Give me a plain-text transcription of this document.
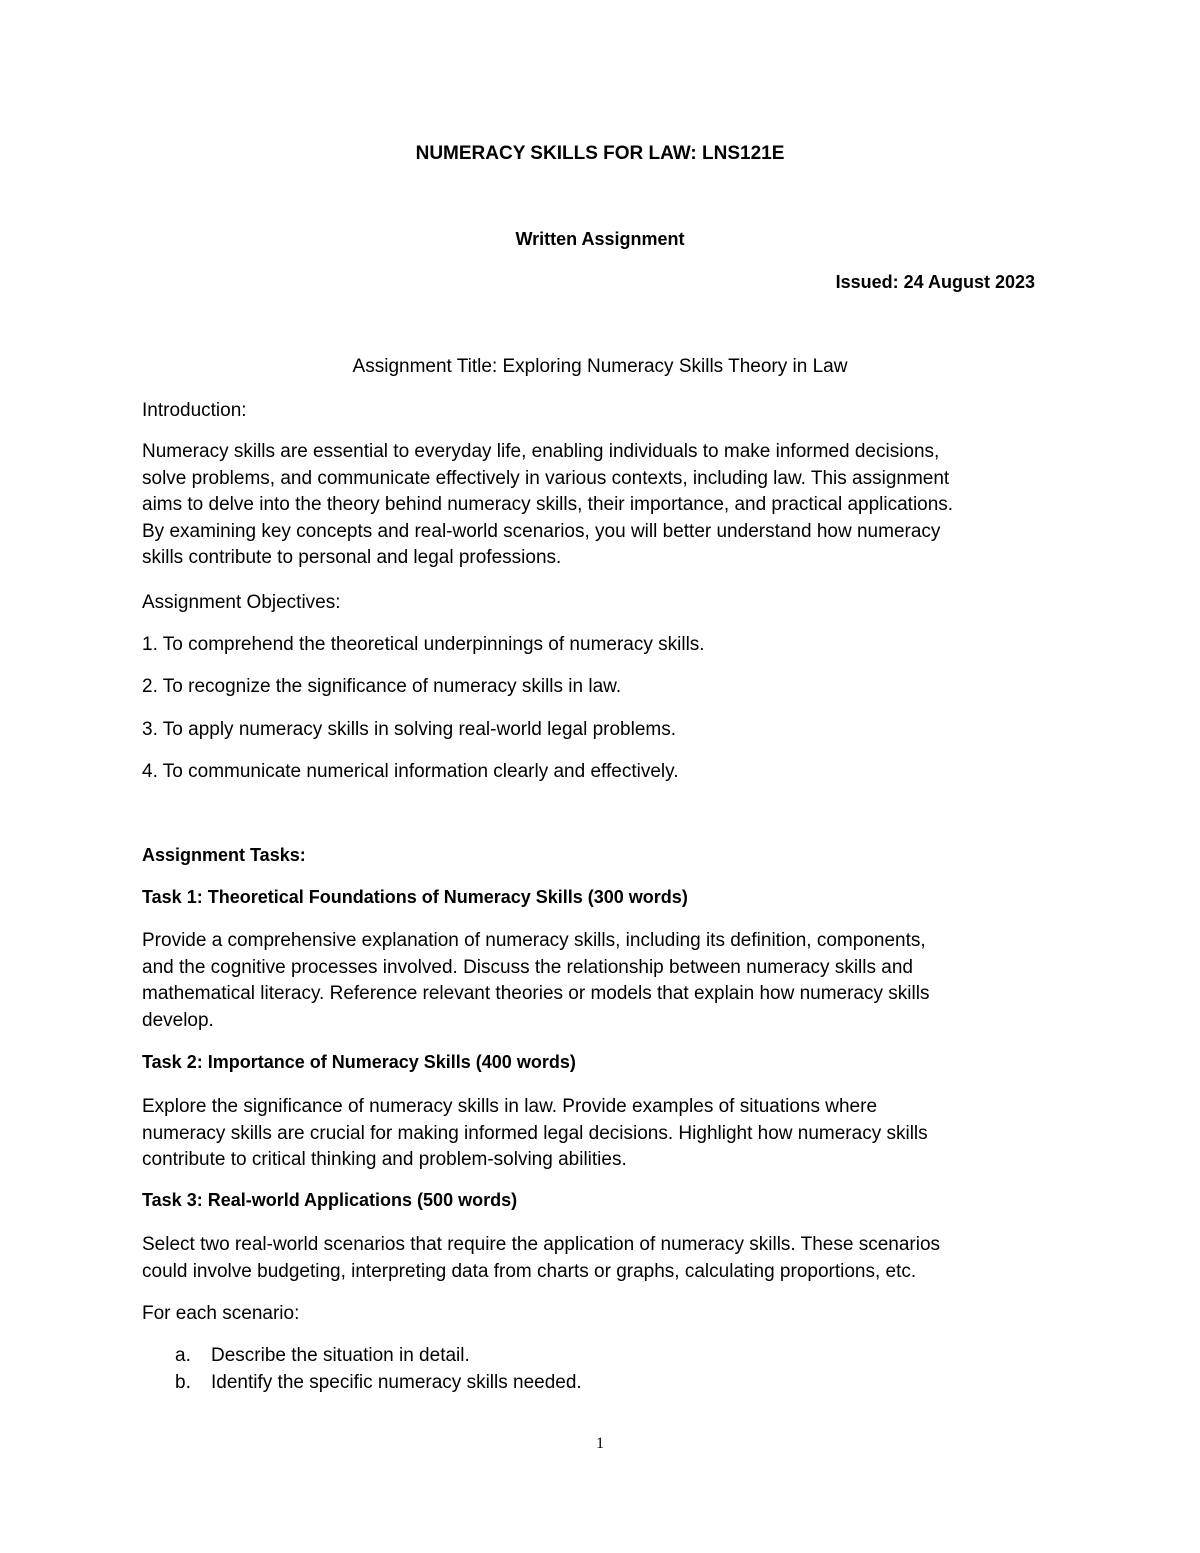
NUMERACY SKILLS FOR LAW: LNS121E
Written Assignment
Issued: 24 August 2023
Assignment Title: Exploring Numeracy Skills Theory in Law
Introduction:
Numeracy skills are essential to everyday life, enabling individuals to make informed decisions,
solve problems, and communicate effectively in various contexts, including law. This assignment
aims to delve into the theory behind numeracy skills, their importance, and practical applications.
By examining key concepts and real-world scenarios, you will better understand how numeracy
skills contribute to personal and legal professions.
Assignment Objectives:
1. To comprehend the theoretical underpinnings of numeracy skills.
2. To recognize the significance of numeracy skills in law.
3. To apply numeracy skills in solving real-world legal problems.
4. To communicate numerical information clearly and effectively.
Assignment Tasks:
Task 1: Theoretical Foundations of Numeracy Skills (300 words)
Provide a comprehensive explanation of numeracy skills, including its definition, components,
and the cognitive processes involved. Discuss the relationship between numeracy skills and
mathematical literacy. Reference relevant theories or models that explain how numeracy skills
develop.
Task 2: Importance of Numeracy Skills (400 words)
Explore the significance of numeracy skills in law. Provide examples of situations where
numeracy skills are crucial for making informed legal decisions. Highlight how numeracy skills
contribute to critical thinking and problem-solving abilities.
Task 3: Real-world Applications (500 words)
Select two real-world scenarios that require the application of numeracy skills. These scenarios
could involve budgeting, interpreting data from charts or graphs, calculating proportions, etc.
For each scenario:
a. Describe the situation in detail.
b. Identify the specific numeracy skills needed.
1
